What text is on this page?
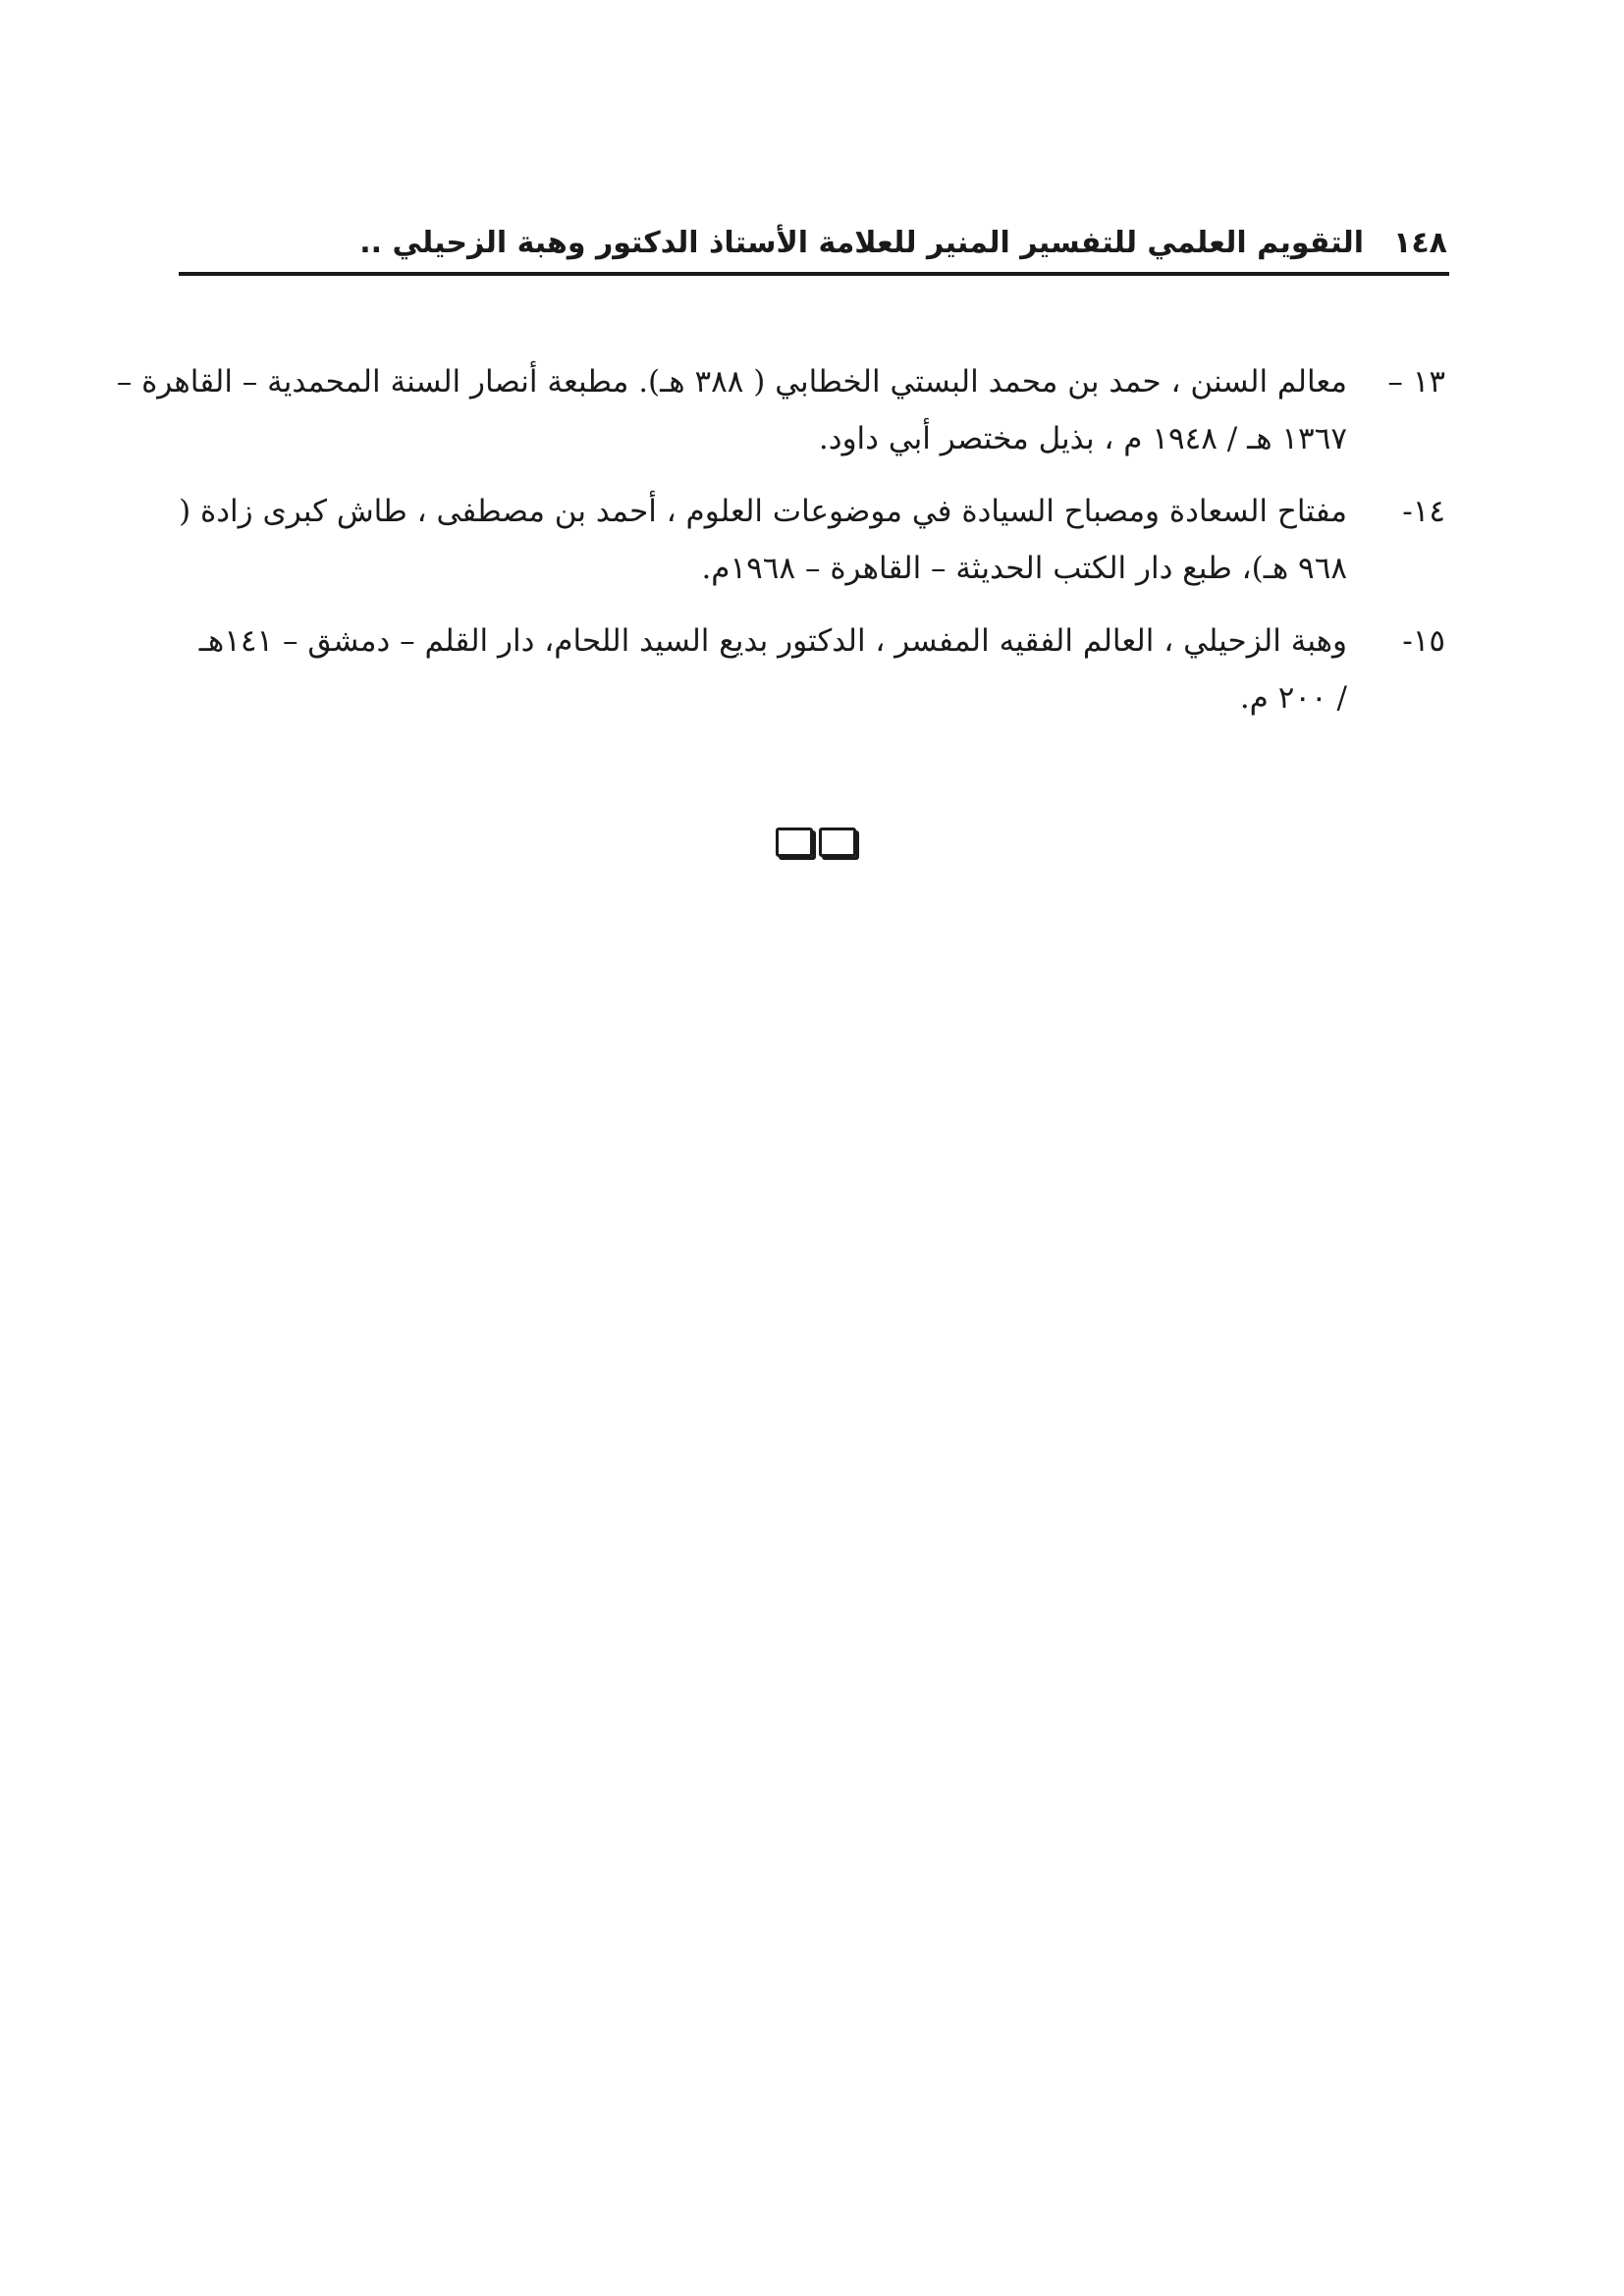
١٤٨
التقويم العلمي للتفسير المنير للعلامة الأستاذ الدكتور وهبة الزحيلي ..
١٣ –
معالم السنن ، حمد بن محمد البستي الخطابي ( ٣٨٨ هـ). مطبعة أنصار السنة المحمدية – القاهرة –
١٣٦٧ هـ / ١٩٤٨ م ، بذيل مختصر أبي داود.
١٤-
مفتاح السعادة ومصباح السيادة في موضوعات العلوم ، أحمد بن مصطفى ، طاش كبرى زادة (
٩٦٨ هـ)، طبع دار الكتب الحديثة – القاهرة – ١٩٦٨م.
١٥-
وهبة الزحيلي ، العالم الفقيه المفسر ، الدكتور بديع السيد اللحام، دار القلم – دمشق – ١٤١هـ
/ ٢٠٠ م.
